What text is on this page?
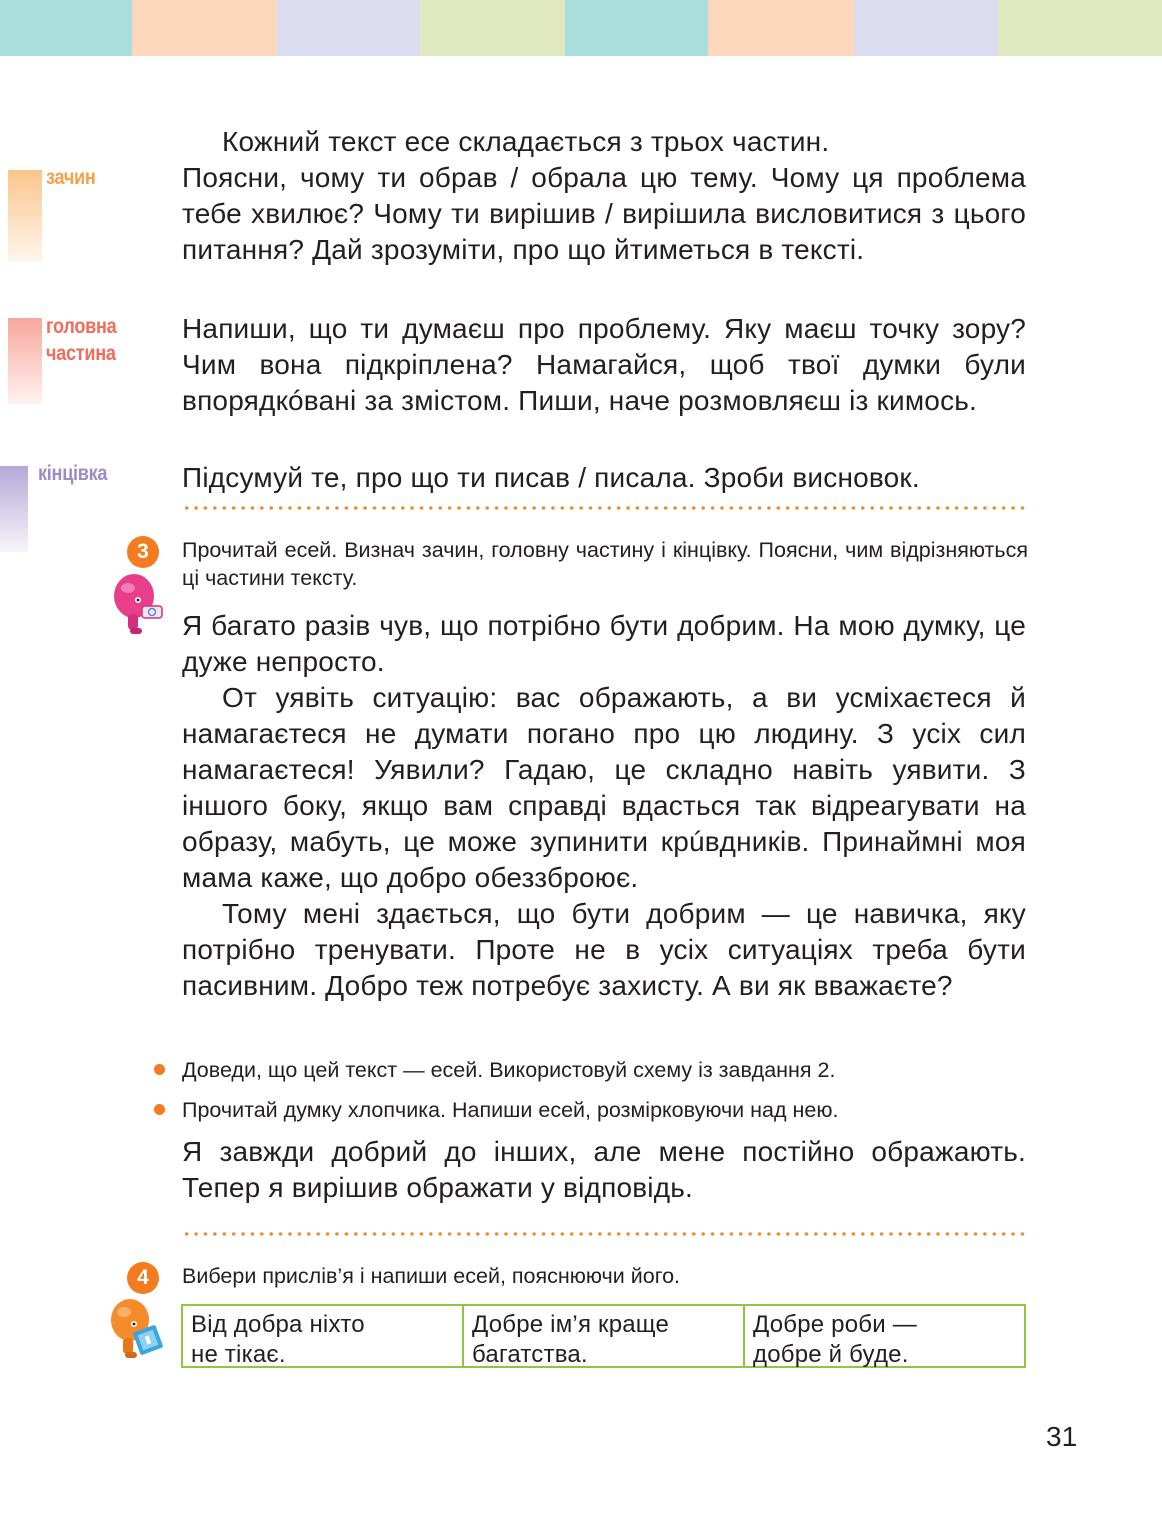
зачин
головна
частина
кінцівка

Кожний текст есе складається з трьох частин.

Поясни, чому ти обрав / обрала цю тему. Чому ця проблема тебе хвилює? Чому ти вирішив / вирішила висловитися з цього питання? Дай зрозуміти, про що йтиметься в тексті.

Напиши, що ти думаєш про проблему. Яку маєш точку зору? Чим вона підкріплена? Намагайся, щоб твої думки були впорядкóвані за змістом. Пиши, наче розмовляєш із кимось.

Підсумуй те, про що ти писав / писала. Зроби висновок.

3	Прочитай есей. Визнач зачин, головну частину і кінцівку. Поясни, чим відрізняються ці частини тексту.

Я багато разів чув, що потрібно бути добрим. На мою думку, це дуже непросто.

От уявіть ситуацію: вас ображають, а ви усміхаєтеся й намагаєтеся не думати погано про цю людину. З усіх сил намагаєтеся! Уявили? Гадаю, це складно навіть уявити. З іншого боку, якщо вам справді вдасться так відреагувати на образу, мабуть, це може зупинити крúвдників. Принаймні моя мама каже, що добро обеззброює.

Тому мені здається, що бути добрим — це навичка, яку потрібно тренувати. Проте не в усіх ситуаціях треба бути пасивним. Добро теж потребує захисту. А ви як вважаєте?

Доведи, що цей текст — есей. Використовуй схему із завдання 2.

Прочитай думку хлопчика. Напиши есей, розмірковуючи над нею.

Я завжди добрий до інших, але мене постійно ображають. Тепер я вирішив ображати у відповідь.

4	Вибери прислів’я і напиши есей, пояснюючи його.

Від добра ніхто
не тікає.
Добре ім’я краще
багатства.
Добре роби —
добре й буде.
31
